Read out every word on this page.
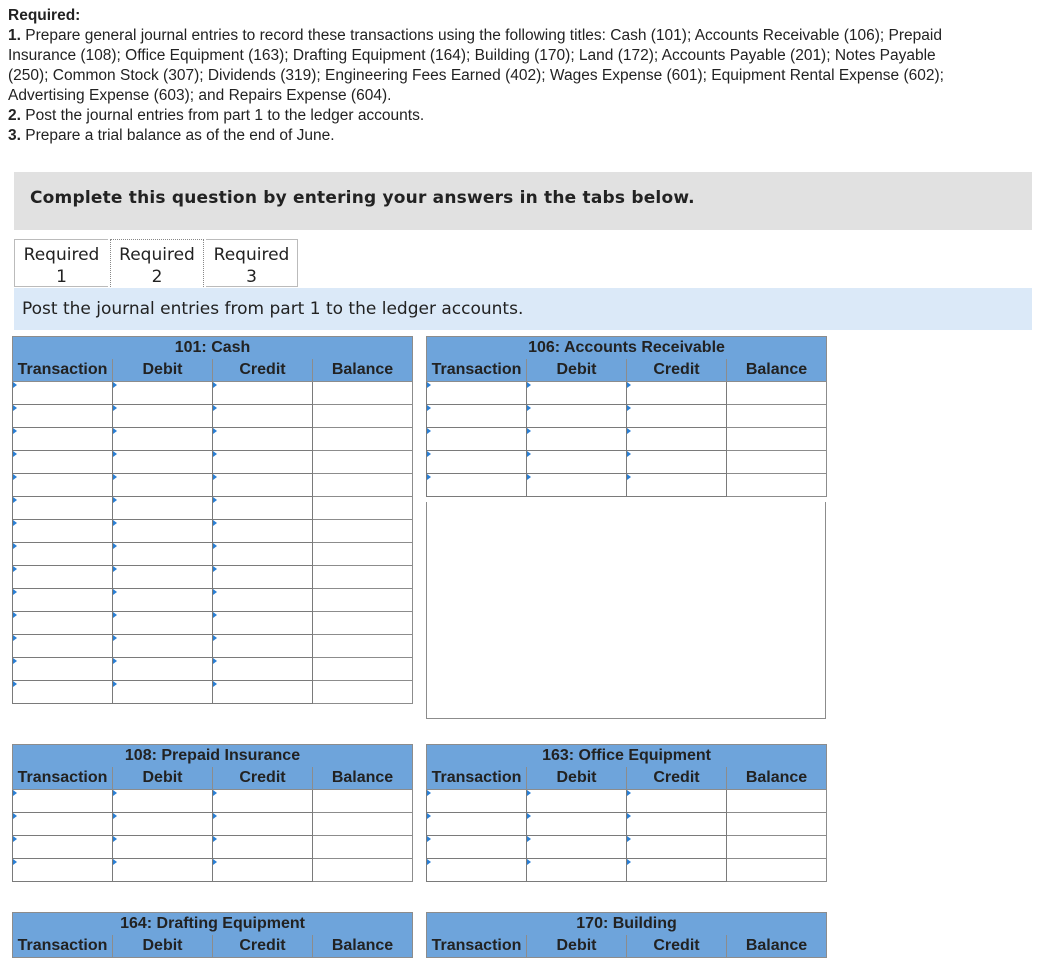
Required:
1. Prepare general journal entries to record these transactions using the following titles: Cash (101); Accounts Receivable (106); Prepaid Insurance (108); Office Equipment (163); Drafting Equipment (164); Building (170); Land (172); Accounts Payable (201); Notes Payable (250); Common Stock (307); Dividends (319); Engineering Fees Earned (402); Wages Expense (601); Equipment Rental Expense (602); Advertising Expense (603); and Repairs Expense (604).
2. Post the journal entries from part 1 to the ledger accounts.
3. Prepare a trial balance as of the end of June.
Complete this question by entering your answers in the tabs below.
Required
1
Required
2
Required
3
Post the journal entries from part 1 to the ledger accounts.
101: Cash			
Transaction	Debit	Credit	Balance

106: Accounts Receivable			
Transaction	Debit	Credit	Balance

108: Prepaid Insurance			
Transaction	Debit	Credit	Balance

163: Office Equipment			
Transaction	Debit	Credit	Balance

164: Drafting Equipment
Transaction	Debit	Credit	Balance
170: Building
Transaction	Debit	Credit	Balance
